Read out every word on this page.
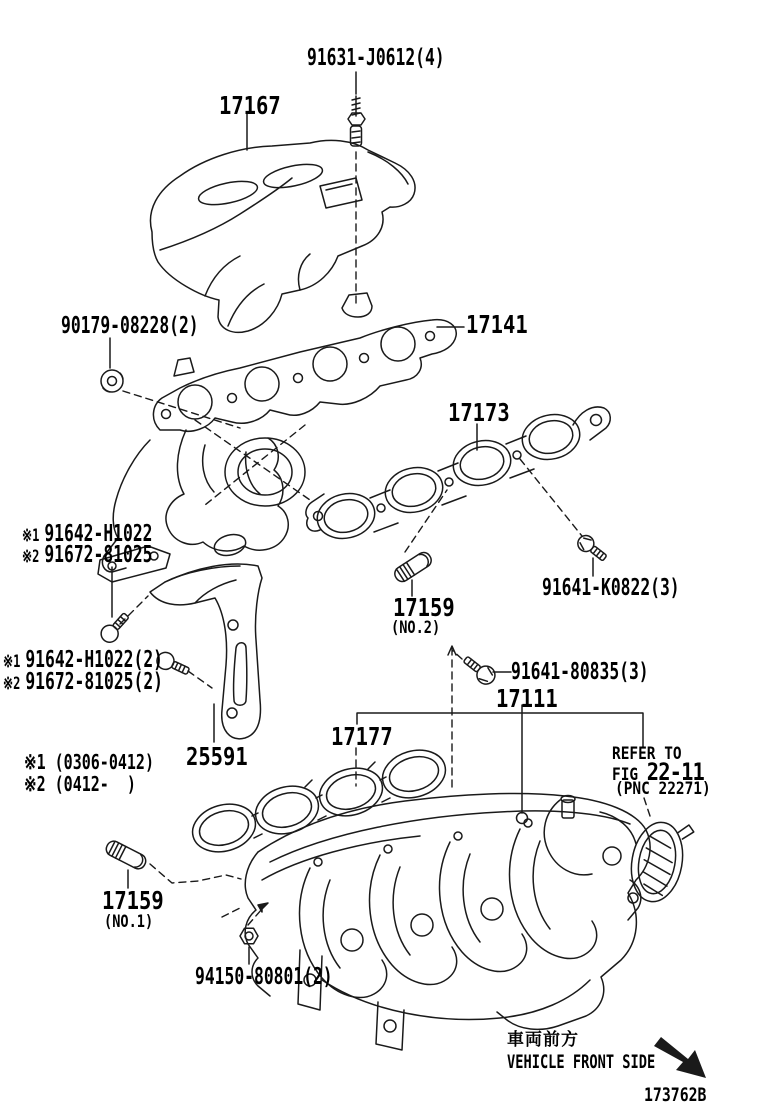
91631-J0612(4)
17167
90179-08228(2)	17141
17173
※1 91642-H1022
※2 91672-81025
17159
(NO.2)
91641-K0822(3)
※1 91642-H1022(2)
※2 91672-81025(2)	91641-80835(3)
17111
17177
25591
※1 (0306-0412)
※2 (0412-  )
REFER TO
FIG 22-11
(PNC 22271)
17159
(NO.1)
94150-80801(2)
車両前方
VEHICLE FRONT SIDE
173762B
